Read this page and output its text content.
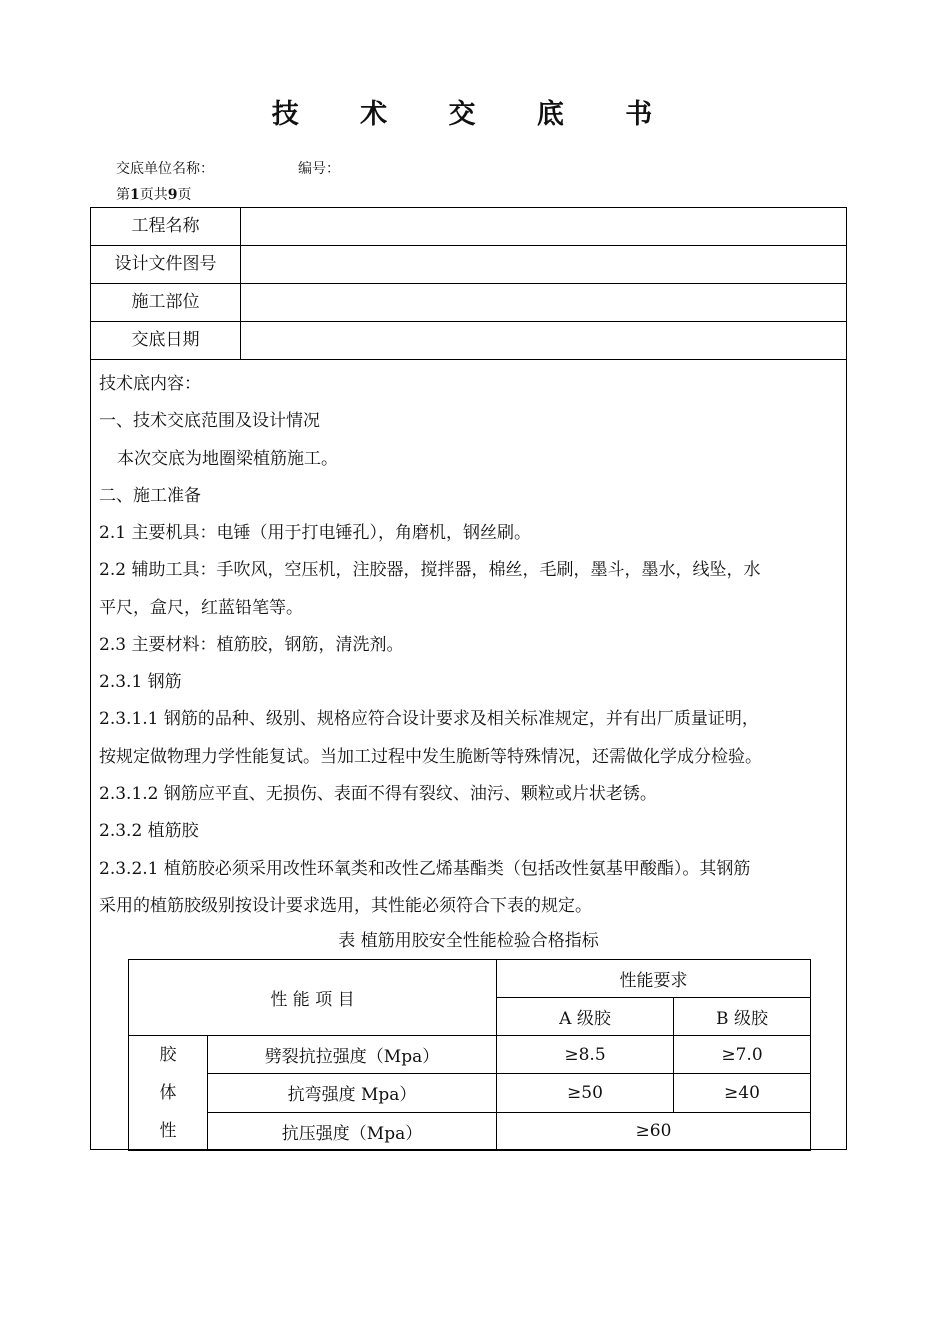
技 术 交 底 书
交底单位名称：	编号：
第1页共9页
工程名称
设计文件图号
施工部位
交底日期
技术底内容：
一、技术交底范围及设计情况
本次交底为地圈梁植筋施工。
二、施工准备
2.1 主要机具：电锤（用于打电锤孔），角磨机，钢丝刷。
2.2 辅助工具：手吹风，空压机，注胶器，搅拌器，棉丝，毛刷，墨斗，墨水，线坠，水
平尺，盒尺，红蓝铅笔等。
2.3 主要材料：植筋胶，钢筋，清洗剂。
2.3.1 钢筋
2.3.1.1 钢筋的品种、级别、规格应符合设计要求及相关标准规定，并有出厂质量证明，
按规定做物理力学性能复试。当加工过程中发生脆断等特殊情况，还需做化学成分检验。
2.3.1.2 钢筋应平直、无损伤、表面不得有裂纹、油污、颗粒或片状老锈。
2.3.2 植筋胶
2.3.2.1 植筋胶必须采用改性环氧类和改性乙烯基酯类（包括改性氨基甲酸酯）。其钢筋
采用的植筋胶级别按设计要求选用，其性能必须符合下表的规定。
表 植筋用胶安全性能检验合格指标
性 能 项 目		性能要求	
		A 级胶	B 级胶

胶
体
性	劈裂抗拉强度（Mpa）	≥8.5	≥7.0
	抗弯强度 Mpa）	≥50	≥40
	抗压强度（Mpa）	≥60	
